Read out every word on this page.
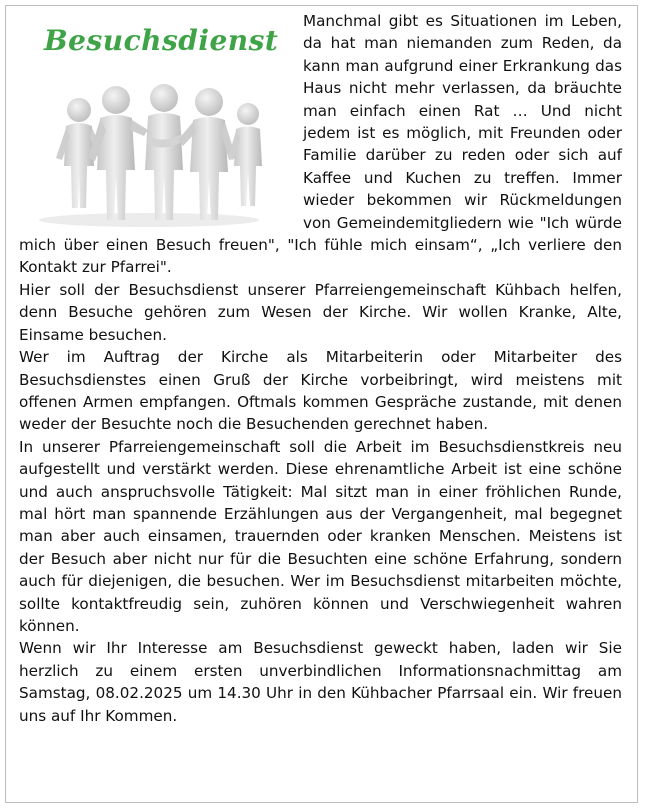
Besuchsdienst

Manchmal gibt es Situationen im Leben, da hat man niemanden zum Reden, da kann man aufgrund einer Erkrankung das Haus nicht mehr verlassen, da bräuchte man einfach einen Rat … Und nicht jedem ist es möglich, mit Freunden oder Familie darüber zu reden oder sich auf Kaffee und Kuchen zu treffen. Immer wieder bekommen wir Rückmeldungen von Gemeindemitgliedern wie "Ich würde mich über einen Besuch freuen", "Ich fühle mich einsam“, „Ich verliere den Kontakt zur Pfarrei".

Hier soll der Besuchsdienst unserer Pfarreiengemeinschaft Kühbach helfen, denn Besuche gehören zum Wesen der Kirche. Wir wollen Kranke, Alte, Einsame besuchen.

Wer im Auftrag der Kirche als Mitarbeiterin oder Mitarbeiter des Besuchsdienstes einen Gruß der Kirche vorbeibringt, wird meistens mit offenen Armen empfangen. Oftmals kommen Gespräche zustande, mit denen weder der Besuchte noch die Besuchenden gerechnet haben.

In unserer Pfarreiengemeinschaft soll die Arbeit im Besuchsdienstkreis neu aufgestellt und verstärkt werden. Diese ehrenamtliche Arbeit ist eine schöne und auch anspruchsvolle Tätigkeit: Mal sitzt man in einer fröhlichen Runde, mal hört man spannende Erzählungen aus der Vergangenheit, mal begegnet man aber auch einsamen, trauernden oder kranken Menschen. Meistens ist der Besuch aber nicht nur für die Besuchten eine schöne Erfahrung, sondern auch für diejenigen, die besuchen. Wer im Besuchsdienst mitarbeiten möchte, sollte kontaktfreudig sein, zuhören können und Verschwiegenheit wahren können.

Wenn wir Ihr Interesse am Besuchsdienst geweckt haben, laden wir Sie herzlich zu einem ersten unverbindlichen Informationsnachmittag am Samstag, 08.02.2025 um 14.30 Uhr in den Kühbacher Pfarrsaal ein. Wir freuen uns auf Ihr Kommen.
